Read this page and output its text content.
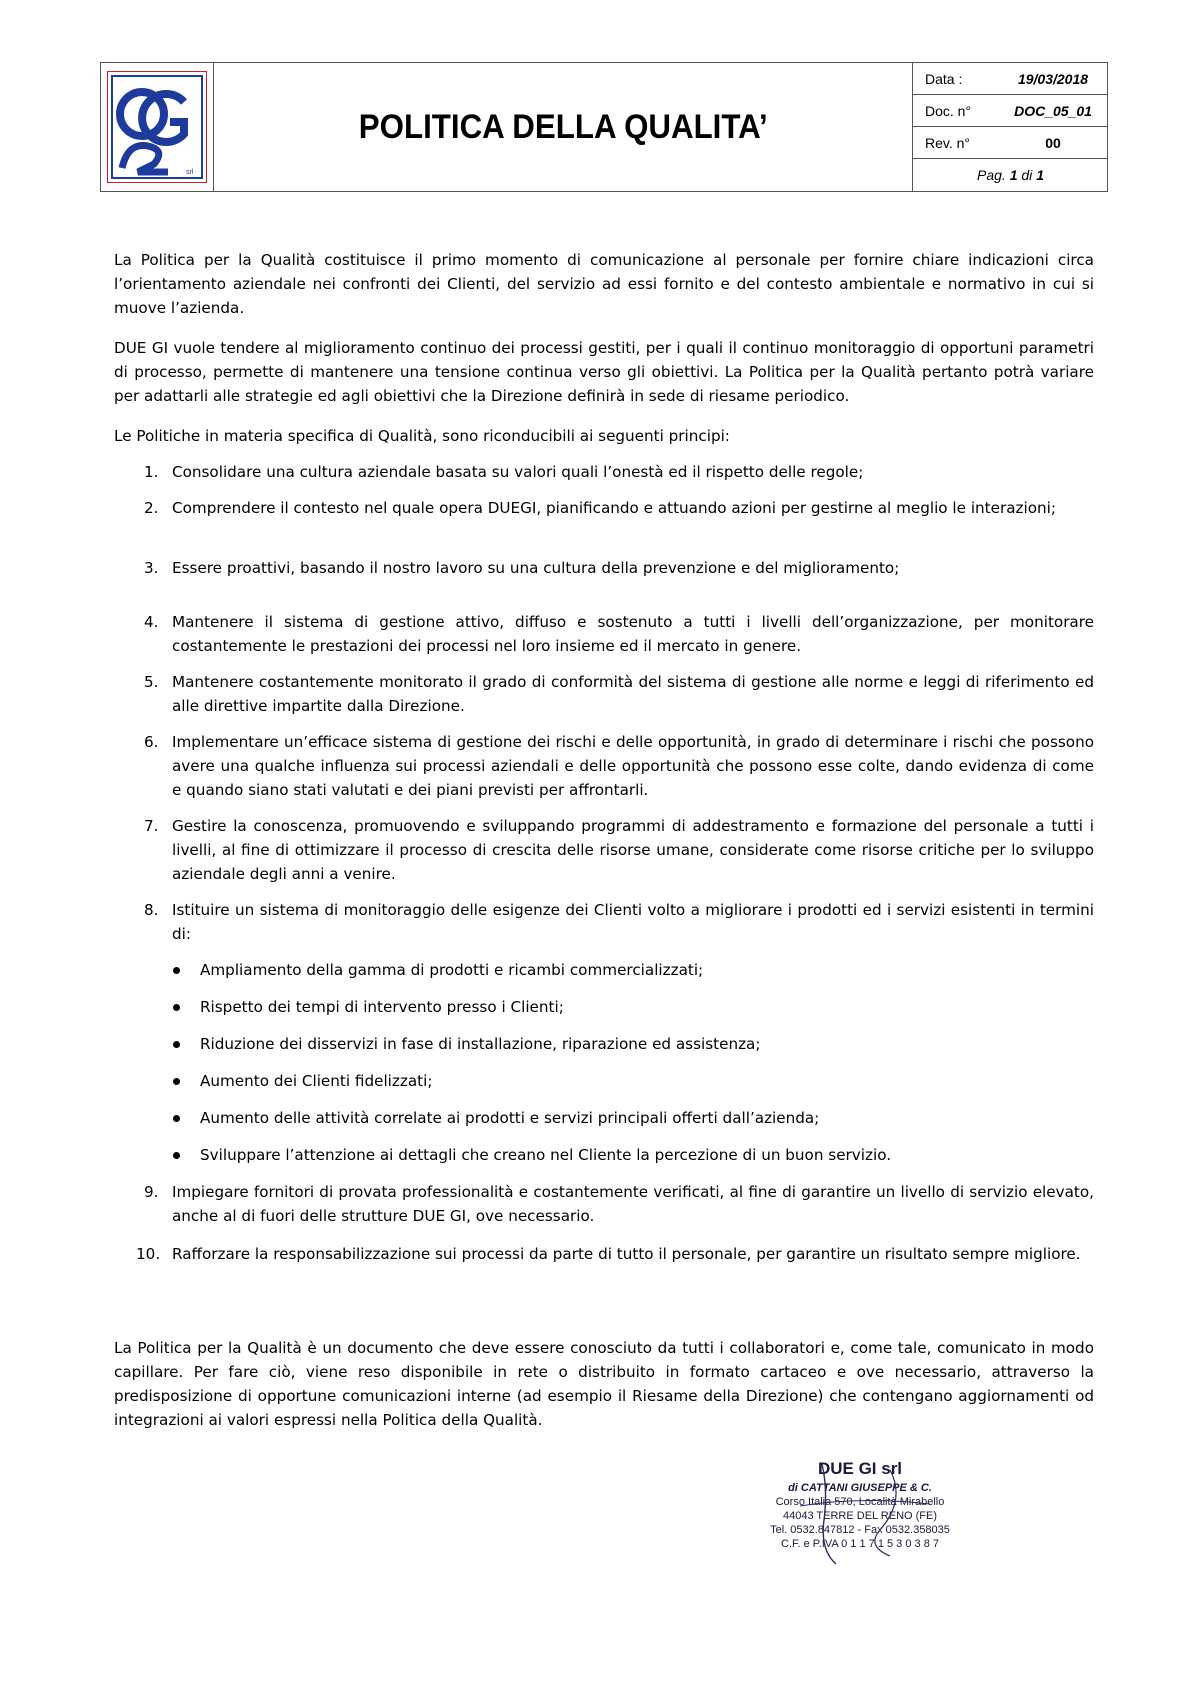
srl
POLITICA DELLA QUALITA’
Data :	19/03/2018
Doc. n°	DOC_05_01
Rev. n°	00
Pag. 1 di 1

La Politica per la Qualità costituisce il primo momento di comunicazione al personale per fornire chiare indicazioni circa l’orientamento aziendale nei confronti dei Clienti, del servizio ad essi fornito e del contesto ambientale e normativo in cui si muove l’azienda.

DUE GI vuole tendere al miglioramento continuo dei processi gestiti, per i quali il continuo monitoraggio di opportuni parametri di processo, permette di mantenere una tensione continua verso gli obiettivi. La Politica per la Qualità pertanto potrà variare per adattarli alle strategie ed agli obiettivi che la Direzione definirà in sede di riesame periodico.

Le Politiche in materia specifica di Qualità, sono riconducibili ai seguenti principi:

1. Consolidare una cultura aziendale basata su valori quali l’onestà ed il rispetto delle regole;
2. Comprendere il contesto nel quale opera DUEGI, pianificando e attuando azioni per gestirne al meglio le interazioni;
3. Essere proattivi, basando il nostro lavoro su una cultura della prevenzione e del miglioramento;
4. Mantenere il sistema di gestione attivo, diffuso e sostenuto a tutti i livelli dell’organizzazione, per monitorare costantemente le prestazioni dei processi nel loro insieme ed il mercato in genere.
5. Mantenere costantemente monitorato il grado di conformità del sistema di gestione alle norme e leggi di riferimento ed alle direttive impartite dalla Direzione.
6. Implementare un’efficace sistema di gestione dei rischi e delle opportunità, in grado di determinare i rischi che possono avere una qualche influenza sui processi aziendali e delle opportunità che possono esse colte, dando evidenza di come e quando siano stati valutati e dei piani previsti per affrontarli.
7. Gestire la conoscenza, promuovendo e sviluppando programmi di addestramento e formazione del personale a tutti i livelli, al fine di ottimizzare il processo di crescita delle risorse umane, considerate come risorse critiche per lo sviluppo aziendale degli anni a venire.
8. Istituire un sistema di monitoraggio delle esigenze dei Clienti volto a migliorare i prodotti ed i servizi esistenti in termini di:
Ampliamento della gamma di prodotti e ricambi commercializzati;
Rispetto dei tempi di intervento presso i Clienti;
Riduzione dei disservizi in fase di installazione, riparazione ed assistenza;
Aumento dei Clienti fidelizzati;
Aumento delle attività correlate ai prodotti e servizi principali offerti dall’azienda;
Sviluppare l’attenzione ai dettagli che creano nel Cliente la percezione di un buon servizio.
9. Impiegare fornitori di provata professionalità e costantemente verificati, al fine di garantire un livello di servizio elevato, anche al di fuori delle strutture DUE GI, ove necessario.
10. Rafforzare la responsabilizzazione sui processi da parte di tutto il personale, per garantire un risultato sempre migliore.

La Politica per la Qualità è un documento che deve essere conosciuto da tutti i collaboratori e, come tale, comunicato in modo capillare. Per fare ciò, viene reso disponibile in rete o distribuito in formato cartaceo e ove necessario, attraverso la predisposizione di opportune comunicazioni interne (ad esempio il Riesame della Direzione) che contengano aggiornamenti od integrazioni ai valori espressi nella Politica della Qualità.

DUE GI srl
di CATTANI GIUSEPPE & C.
Corso Italia 570, Località Mirabello
44043 TERRE DEL RENO (FE)
Tel. 0532.847812 - Fax 0532.358035
C.F. e P.IVA 0 1 1 7 1 5 3 0 3 8 7
